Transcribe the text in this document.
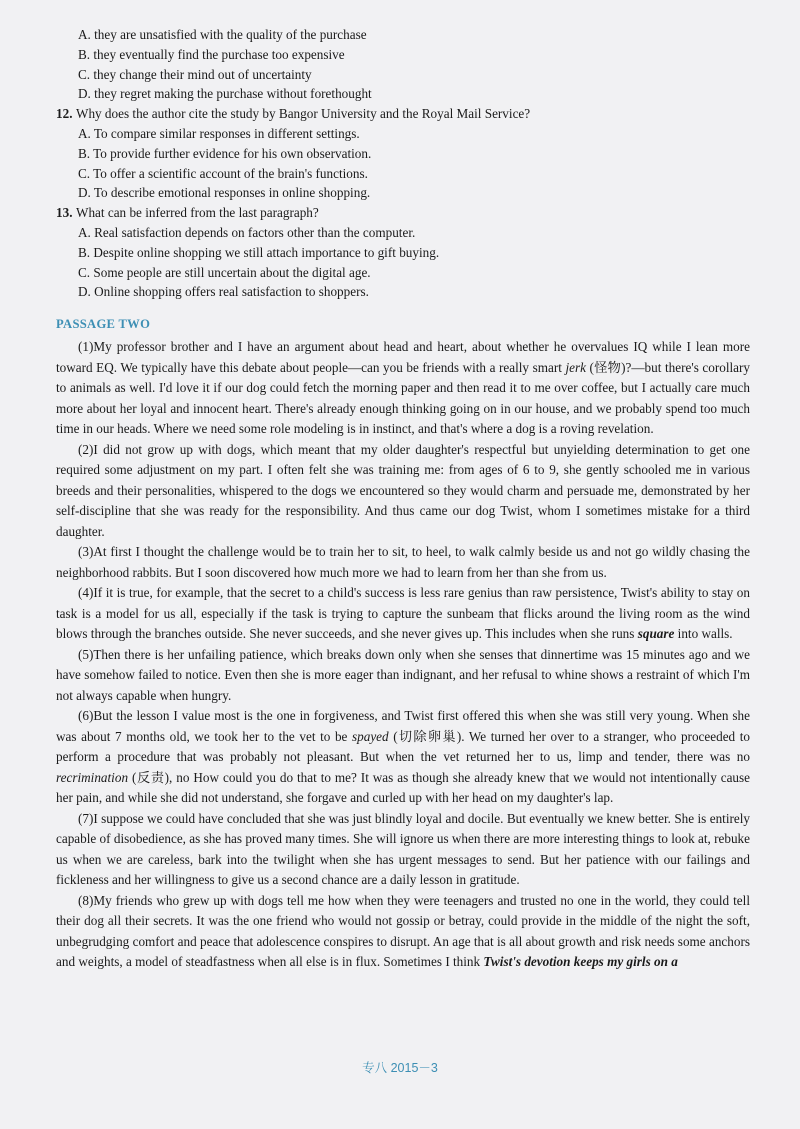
A. they are unsatisfied with the quality of the purchase
B. they eventually find the purchase too expensive
C. they change their mind out of uncertainty
D. they regret making the purchase without forethought
12. Why does the author cite the study by Bangor University and the Royal Mail Service?
A. To compare similar responses in different settings.
B. To provide further evidence for his own observation.
C. To offer a scientific account of the brain's functions.
D. To describe emotional responses in online shopping.
13. What can be inferred from the last paragraph?
A. Real satisfaction depends on factors other than the computer.
B. Despite online shopping we still attach importance to gift buying.
C. Some people are still uncertain about the digital age.
D. Online shopping offers real satisfaction to shoppers.
PASSAGE TWO

(1)My professor brother and I have an argument about head and heart, about whether he overvalues IQ while I lean more toward EQ. We typically have this debate about people—can you be friends with a really smart jerk (怪物)?—but there's corollary to animals as well. I'd love it if our dog could fetch the morning paper and then read it to me over coffee, but I actually care much more about her loyal and innocent heart. There's already enough thinking going on in our house, and we probably spend too much time in our heads. Where we need some role modeling is in instinct, and that's where a dog is a roving revelation.

(2)I did not grow up with dogs, which meant that my older daughter's respectful but unyielding determination to get one required some adjustment on my part. I often felt she was training me: from ages of 6 to 9, she gently schooled me in various breeds and their personalities, whispered to the dogs we encountered so they would charm and persuade me, demonstrated by her self-discipline that she was ready for the responsibility. And thus came our dog Twist, whom I sometimes mistake for a third daughter.

(3)At first I thought the challenge would be to train her to sit, to heel, to walk calmly beside us and not go wildly chasing the neighborhood rabbits. But I soon discovered how much more we had to learn from her than she from us.

(4)If it is true, for example, that the secret to a child's success is less rare genius than raw persistence, Twist's ability to stay on task is a model for us all, especially if the task is trying to capture the sunbeam that flicks around the living room as the wind blows through the branches outside. She never succeeds, and she never gives up. This includes when she runs square into walls.

(5)Then there is her unfailing patience, which breaks down only when she senses that dinnertime was 15 minutes ago and we have somehow failed to notice. Even then she is more eager than indignant, and her refusal to whine shows a restraint of which I'm not always capable when hungry.

(6)But the lesson I value most is the one in forgiveness, and Twist first offered this when she was still very young. When she was about 7 months old, we took her to the vet to be spayed (切除卵巢). We turned her over to a stranger, who proceeded to perform a procedure that was probably not pleasant. But when the vet returned her to us, limp and tender, there was no recrimination (反责), no How could you do that to me? It was as though she already knew that we would not intentionally cause her pain, and while she did not understand, she forgave and curled up with her head on my daughter's lap.

(7)I suppose we could have concluded that she was just blindly loyal and docile. But eventually we knew better. She is entirely capable of disobedience, as she has proved many times. She will ignore us when there are more interesting things to look at, rebuke us when we are careless, bark into the twilight when she has urgent messages to send. But her patience with our failings and fickleness and her willingness to give us a second chance are a daily lesson in gratitude.

(8)My friends who grew up with dogs tell me how when they were teenagers and trusted no one in the world, they could tell their dog all their secrets. It was the one friend who would not gossip or betray, could provide in the middle of the night the soft, unbegrudging comfort and peace that adolescence conspires to disrupt. An age that is all about growth and risk needs some anchors and weights, a model of steadfastness when all else is in flux. Sometimes I think Twist's devotion keeps my girls on a

专八 2015－3
